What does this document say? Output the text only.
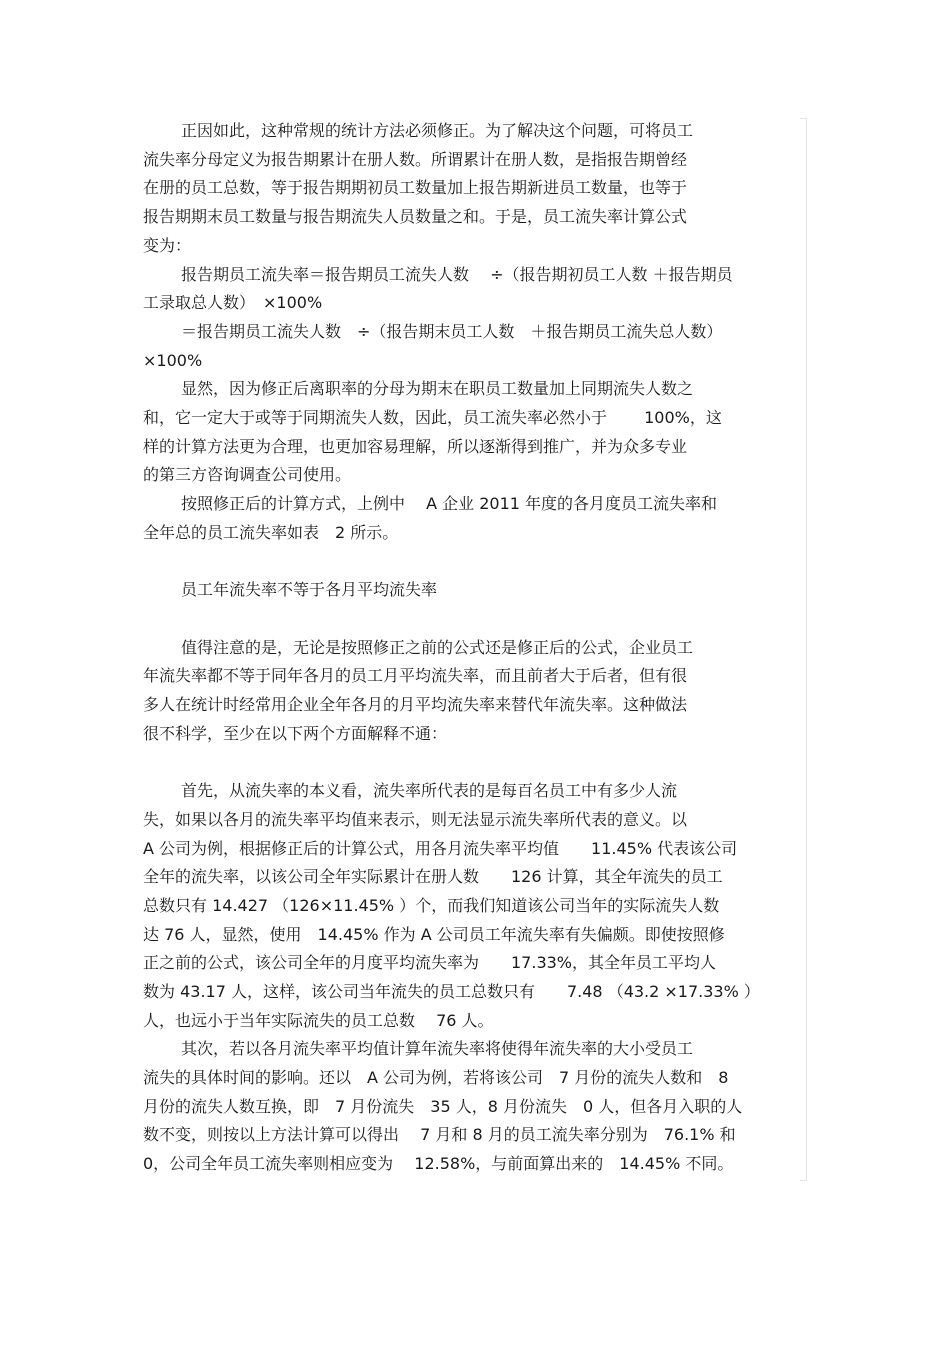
正因如此，这种常规的统计方法必须修正。为了解决这个问题，可将员工
流失率分母定义为报告期累计在册人数。所谓累计在册人数，是指报告期曾经
在册的员工总数，等于报告期期初员工数量加上报告期新进员工数量，也等于
报告期期末员工数量与报告期流失人员数量之和。于是，员工流失率计算公式
变为：
报告期员工流失率＝报告期员工流失人数　 ÷（报告期初员工人数 ＋报告期员
工录取总人数）　×100%
＝报告期员工流失人数　÷（报告期末员工人数　＋报告期员工流失总人数）
×100%
显然，因为修正后离职率的分母为期末在职员工数量加上同期流失人数之
和，它一定大于或等于同期流失人数，因此，员工流失率必然小于　　 100%，这
样的计算方法更为合理，也更加容易理解，所以逐渐得到推广，并为众多专业
的第三方咨询调查公司使用。
按照修正后的计算方式，上例中　 A 企业 2011 年度的各月度员工流失率和
全年总的员工流失率如表　2 所示。
员工年流失率不等于各月平均流失率
值得注意的是，无论是按照修正之前的公式还是修正后的公式，企业员工
年流失率都不等于同年各月的员工月平均流失率，而且前者大于后者，但有很
多人在统计时经常用企业全年各月的月平均流失率来替代年流失率。这种做法
很不科学，至少在以下两个方面解释不通：
首先，从流失率的本义看，流失率所代表的是每百名员工中有多少人流
失，如果以各月的流失率平均值来表示，则无法显示流失率所代表的意义。以
A 公司为例，根据修正后的计算公式，用各月流失率平均值　　11.45% 代表该公司
全年的流失率，以该公司全年实际累计在册人数　　126 计算，其全年流失的员工
总数只有 14.427 （126×11.45% ）个，而我们知道该公司当年的实际流失人数
达 76 人，显然，使用　14.45% 作为 A 公司员工年流失率有失偏颇。即使按照修
正之前的公式，该公司全年的月度平均流失率为　　17.33%，其全年员工平均人
数为 43.17 人，这样，该公司当年流失的员工总数只有　　7.48 （43.2 ×17.33% ）
人，也远小于当年实际流失的员工总数　 76 人。
其次，若以各月流失率平均值计算年流失率将使得年流失率的大小受员工
流失的具体时间的影响。还以　A 公司为例，若将该公司　7 月份的流失人数和　8
月份的流失人数互换，即　7 月份流失　35 人，8 月份流失　0 人，但各月入职的人
数不变，则按以上方法计算可以得出　 7 月和 8 月的员工流失率分别为　76.1% 和
0，公司全年员工流失率则相应变为　 12.58%，与前面算出来的　14.45% 不同。
